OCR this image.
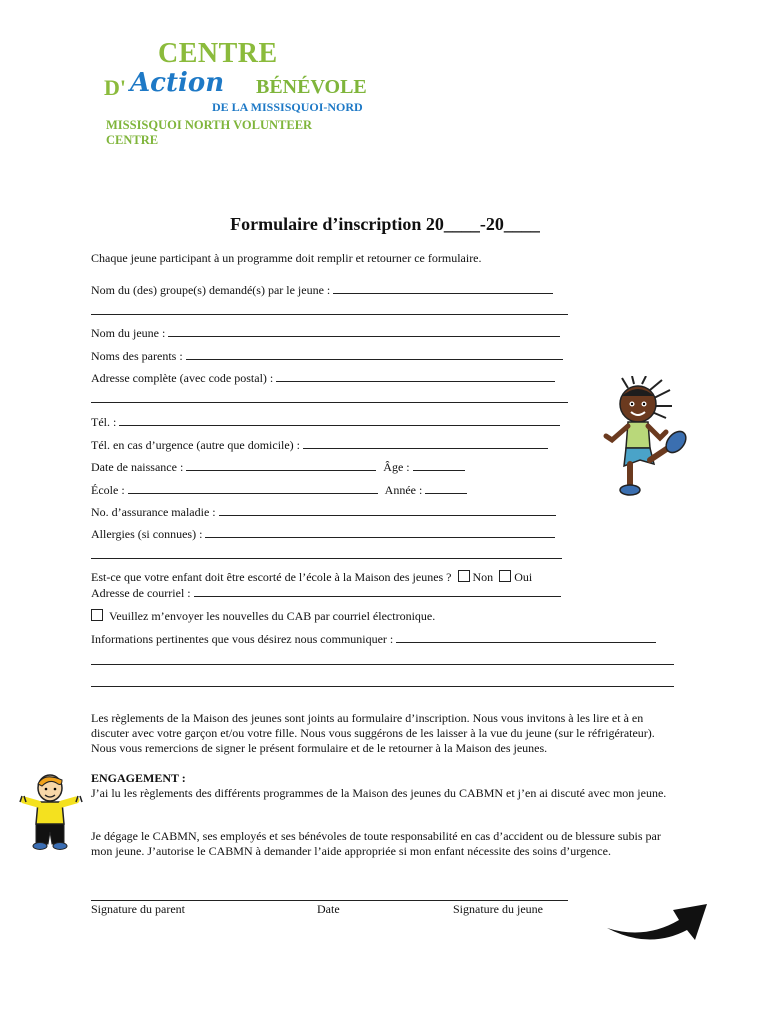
CENTRE
D' Action BÉNÉVOLE
DE LA MISSISQUOI-NORD
MISSISQUOI NORTH VOLUNTEER CENTRE
Formulaire d’inscription 20____-20____
Chaque jeune participant à un programme doit remplir et retourner ce formulaire.
Nom du (des) groupe(s) demandé(s) par le jeune :
Nom du jeune :
Noms des parents :
Adresse complète (avec code postal) :
Tél. :
Tél. en cas d’urgence (autre que domicile) :
Date de naissance :	Âge :
École :	Année :
No. d’assurance maladie :
Allergies (si connues) :
Est-ce que votre enfant doit être escorté de l’école à la Maison des jeunes ? Non Oui
Adresse de courriel :
Veuillez m’envoyer les nouvelles du CAB par courriel électronique.
Informations pertinentes que vous désirez nous communiquer :
Les règlements de la Maison des jeunes sont joints au formulaire d’inscription. Nous vous invitons à les lire et à en discuter avec votre garçon et/ou votre fille. Nous vous suggérons de les laisser à la vue du jeune (sur le réfrigérateur). Nous vous remercions de signer le présent formulaire et de le retourner à la Maison des jeunes.
ENGAGEMENT :
J’ai lu les règlements des différents programmes de la Maison des jeunes du CABMN et j’en ai discuté avec mon jeune.
Je dégage le CABMN, ses employés et ses bénévoles de toute responsabilité en cas d’accident ou de blessure subis par mon jeune. J’autorise le CABMN à demander l’aide appropriée si mon enfant nécessite des soins d’urgence.
Signature du parent	Date	Signature du jeune
